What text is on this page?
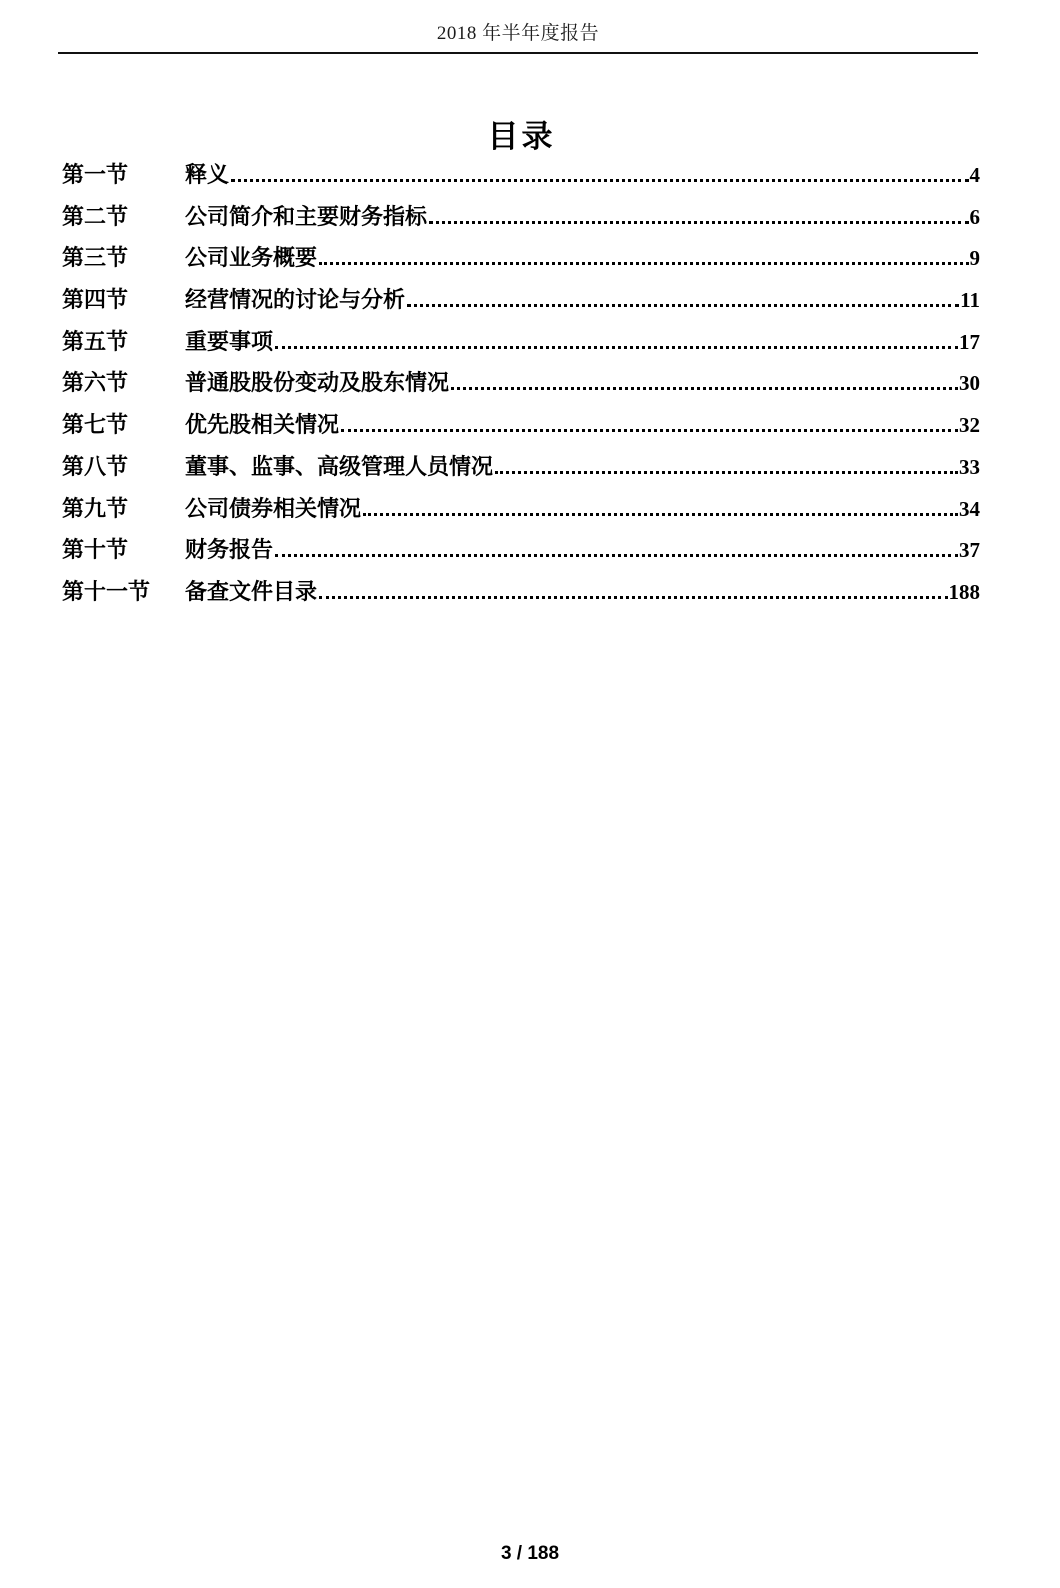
2018 年半年度报告
目录
第一节	释义	4
第二节	公司简介和主要财务指标	6
第三节	公司业务概要	9
第四节	经营情况的讨论与分析	11
第五节	重要事项	17
第六节	普通股股份变动及股东情况	30
第七节	优先股相关情况	32
第八节	董事、监事、高级管理人员情况	33
第九节	公司债券相关情况	34
第十节	财务报告	37
第十一节	备查文件目录	188
3 / 188
